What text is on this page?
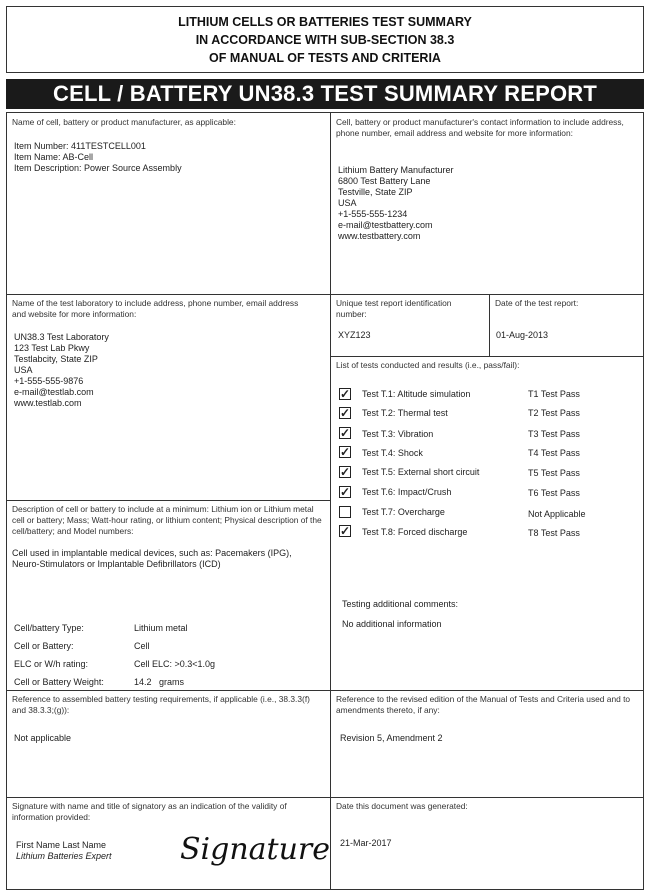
LITHIUM CELLS OR BATTERIES TEST SUMMARY
IN ACCORDANCE WITH SUB-SECTION 38.3
OF MANUAL OF TESTS AND CRITERIA
CELL / BATTERY UN38.3 TEST SUMMARY REPORT
Name of cell, battery or product manufacturer, as applicable:
Item Number: 411TESTCELL001
Item Name: AB-Cell
Item Description: Power Source Assembly
Cell, battery or product manufacturer's contact information to include address, phone number, email address and website for more information:
Lithium Battery Manufacturer
6800 Test Battery Lane
Testville, State ZIP
USA
+1-555-555-1234
e-mail@testbattery.com
www.testbattery.com
Name of the test laboratory to include address, phone number, email address and website for more information:
UN38.3 Test Laboratory
123 Test Lab Pkwy
Testlabcity, State ZIP
USA
+1-555-555-9876
e-mail@testlab.com
www.testlab.com
Unique test report identification number:
XYZ123
Date of the test report:
01-Aug-2013
List of tests conducted and results (i.e., pass/fail):
✓ Test T.1: Altitude simulation	T1 Test Pass
✓ Test T.2: Thermal test	T2 Test Pass
✓ Test T.3: Vibration	T3 Test Pass
✓ Test T.4: Shock	T4 Test Pass
✓ Test T.5: External short circuit	T5 Test Pass
✓ Test T.6: Impact/Crush	T6 Test Pass
Test T.7: Overcharge	Not Applicable
✓ Test T.8: Forced discharge	T8 Test Pass
Testing additional comments:
No additional information
Description of cell or battery to include at a minimum: Lithium ion or Lithium metal cell or battery; Mass; Watt-hour rating, or lithium content; Physical description of the cell/battery; and Model numbers:
Cell used in implantable medical devices, such as: Pacemakers (IPG),
Neuro-Stimulators or Implantable Defibrillators (ICD)
Cell/battery Type:	Lithium metal
Cell or Battery:	Cell
ELC or W/h rating:	Cell ELC: >0.3<1.0g
Cell or Battery Weight:	14.2   grams
Reference to assembled battery testing requirements, if applicable (i.e., 38.3.3(f) and 38.3.3;(g)):
Not applicable
Reference to the revised edition of the Manual of Tests and Criteria used and to amendments thereto, if any:
Revision 5, Amendment 2
Signature with name and title of signatory as an indication of the validity of information provided:
First Name Last Name
Lithium Batteries Expert Signature
Date this document was generated:
21-Mar-2017
